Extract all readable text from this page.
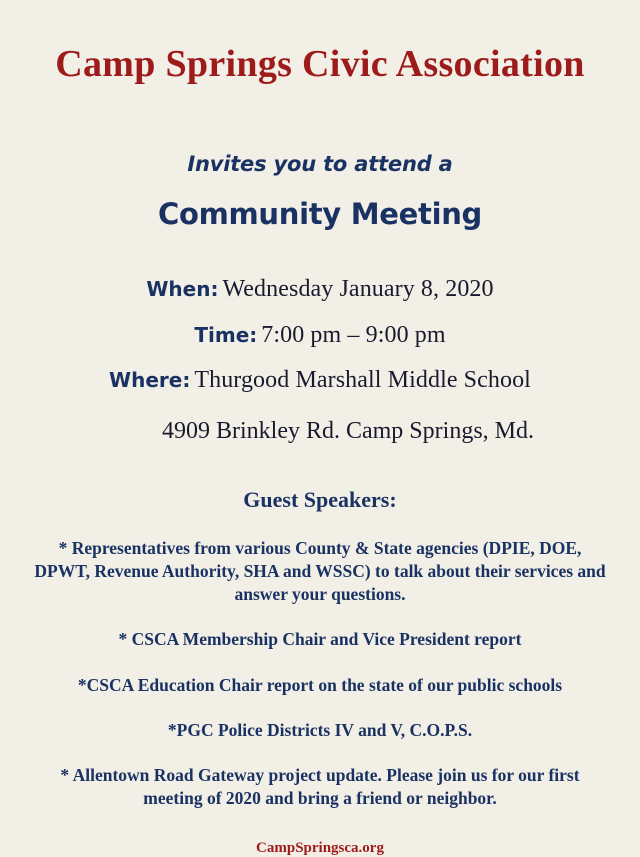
Camp Springs Civic Association
Invites you to attend a
Community Meeting
When: Wednesday January 8, 2020
Time: 7:00 pm – 9:00 pm
Where: Thurgood Marshall Middle School
4909 Brinkley Rd. Camp Springs, Md.
Guest Speakers:
* Representatives from various County & State agencies (DPIE, DOE, DPWT, Revenue Authority, SHA and WSSC) to talk about their services and answer your questions.
* CSCA Membership Chair and Vice President report
*CSCA Education Chair report on the state of our public schools
*PGC Police Districts IV and V, C.O.P.S.
* Allentown Road Gateway project update. Please join us for our first meeting of 2020 and bring a friend or neighbor.
CampSpringsca.org
